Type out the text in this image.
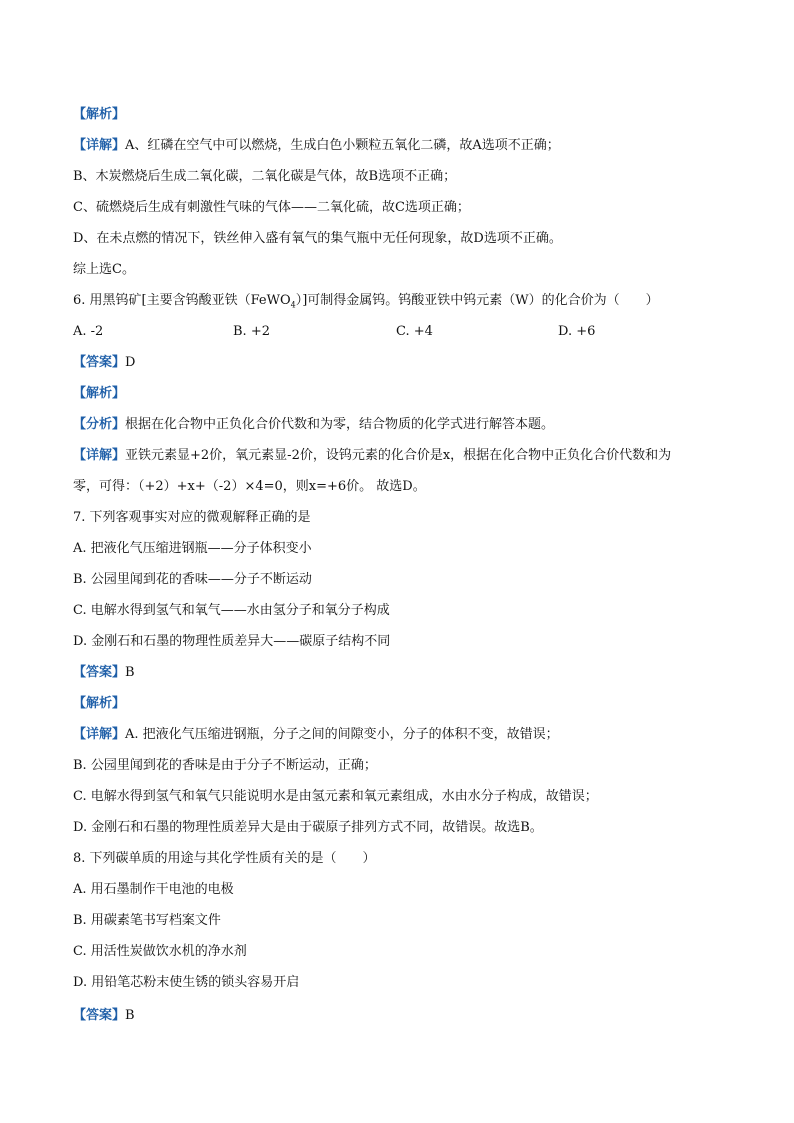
【解析】
【详解】A、红磷在空气中可以燃烧，生成白色小颗粒五氧化二磷，故A选项不正确；
B、木炭燃烧后生成二氧化碳，二氧化碳是气体，故B选项不正确；
C、硫燃烧后生成有刺激性气味的气体——二氧化硫，故C选项正确；
D、在未点燃的情况下，铁丝伸入盛有氧气的集气瓶中无任何现象，故D选项不正确。
综上选C。
6. 用黑钨矿[主要含钨酸亚铁（FeWO$_4$）]可制得金属钨。钨酸亚铁中钨元素（W）的化合价为（　　）
A. -2	B. +2	C. +4	D. +6
【答案】D
【解析】
【分析】根据在化合物中正负化合价代数和为零，结合物质的化学式进行解答本题。
【详解】亚铁元素显+2价，氧元素显-2价，设钨元素的化合价是x，根据在化合物中正负化合价代数和为
零，可得：（+2）+x+（-2）×4=0，则x=+6价。 故选D。
7. 下列客观事实对应的微观解释正确的是
A. 把液化气压缩进钢瓶——分子体积变小
B. 公园里闻到花的香味——分子不断运动
C. 电解水得到氢气和氧气——水由氢分子和氧分子构成
D. 金刚石和石墨的物理性质差异大——碳原子结构不同
【答案】B
【解析】
【详解】A. 把液化气压缩进钢瓶，分子之间的间隙变小，分子的体积不变，故错误；
B. 公园里闻到花的香味是由于分子不断运动，正确；
C. 电解水得到氢气和氧气只能说明水是由氢元素和氧元素组成，水由水分子构成，故错误；
D. 金刚石和石墨的物理性质差异大是由于碳原子排列方式不同，故错误。故选B。
8. 下列碳单质的用途与其化学性质有关的是（　　）
A. 用石墨制作干电池的电极
B. 用碳素笔书写档案文件
C. 用活性炭做饮水机的净水剂
D. 用铅笔芯粉末使生锈的锁头容易开启
【答案】B
